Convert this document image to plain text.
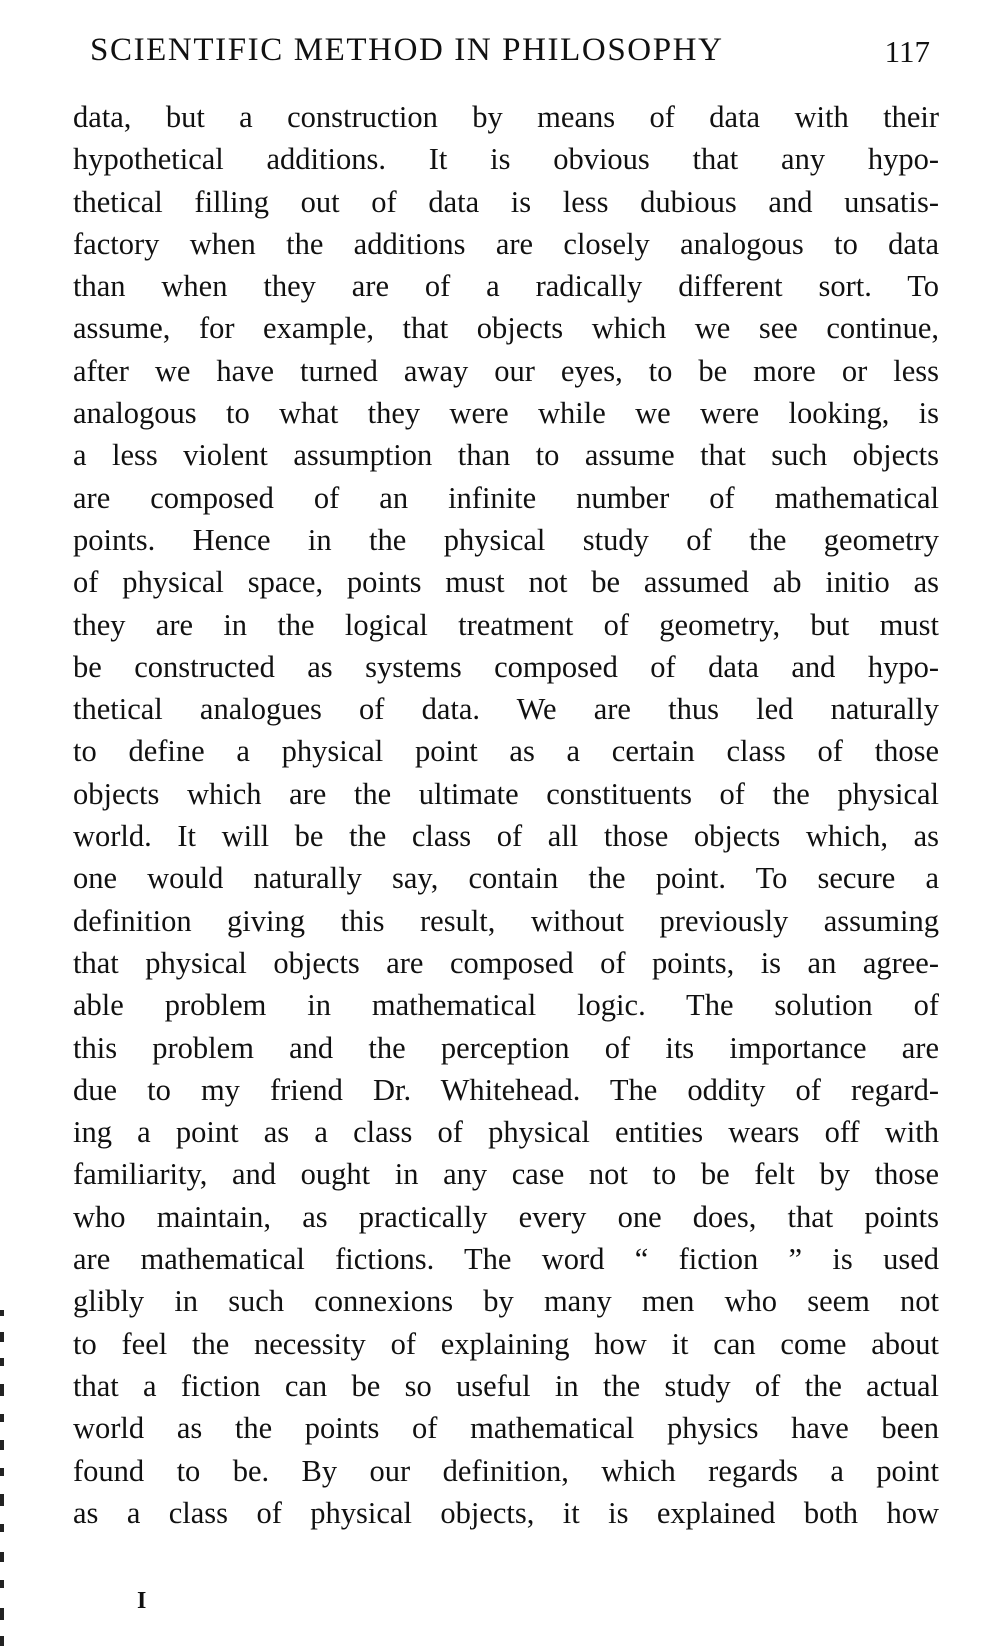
SCIENTIFIC METHOD IN PHILOSOPHY	117
data, but a construction by means of data with their
hypothetical additions. It is obvious that any hypo-
thetical filling out of data is less dubious and unsatis-
factory when the additions are closely analogous to data
than when they are of a radically different sort. To
assume, for example, that objects which we see continue,
after we have turned away our eyes, to be more or less
analogous to what they were while we were looking, is
a less violent assumption than to assume that such objects
are composed of an infinite number of mathematical
points. Hence in the physical study of the geometry
of physical space, points must not be assumed ab initio as
they are in the logical treatment of geometry, but must
be constructed as systems composed of data and hypo-
thetical analogues of data. We are thus led naturally
to define a physical point as a certain class of those
objects which are the ultimate constituents of the physical
world. It will be the class of all those objects which, as
one would naturally say, contain the point. To secure a
definition giving this result, without previously assuming
that physical objects are composed of points, is an agree-
able problem in mathematical logic. The solution of
this problem and the perception of its importance are
due to my friend Dr. Whitehead. The oddity of regard-
ing a point as a class of physical entities wears off with
familiarity, and ought in any case not to be felt by those
who maintain, as practically every one does, that points
are mathematical fictions. The word “ fiction ” is used
glibly in such connexions by many men who seem not
to feel the necessity of explaining how it can come about
that a fiction can be so useful in the study of the actual
world as the points of mathematical physics have been
found to be. By our definition, which regards a point
as a class of physical objects, it is explained both how
I
